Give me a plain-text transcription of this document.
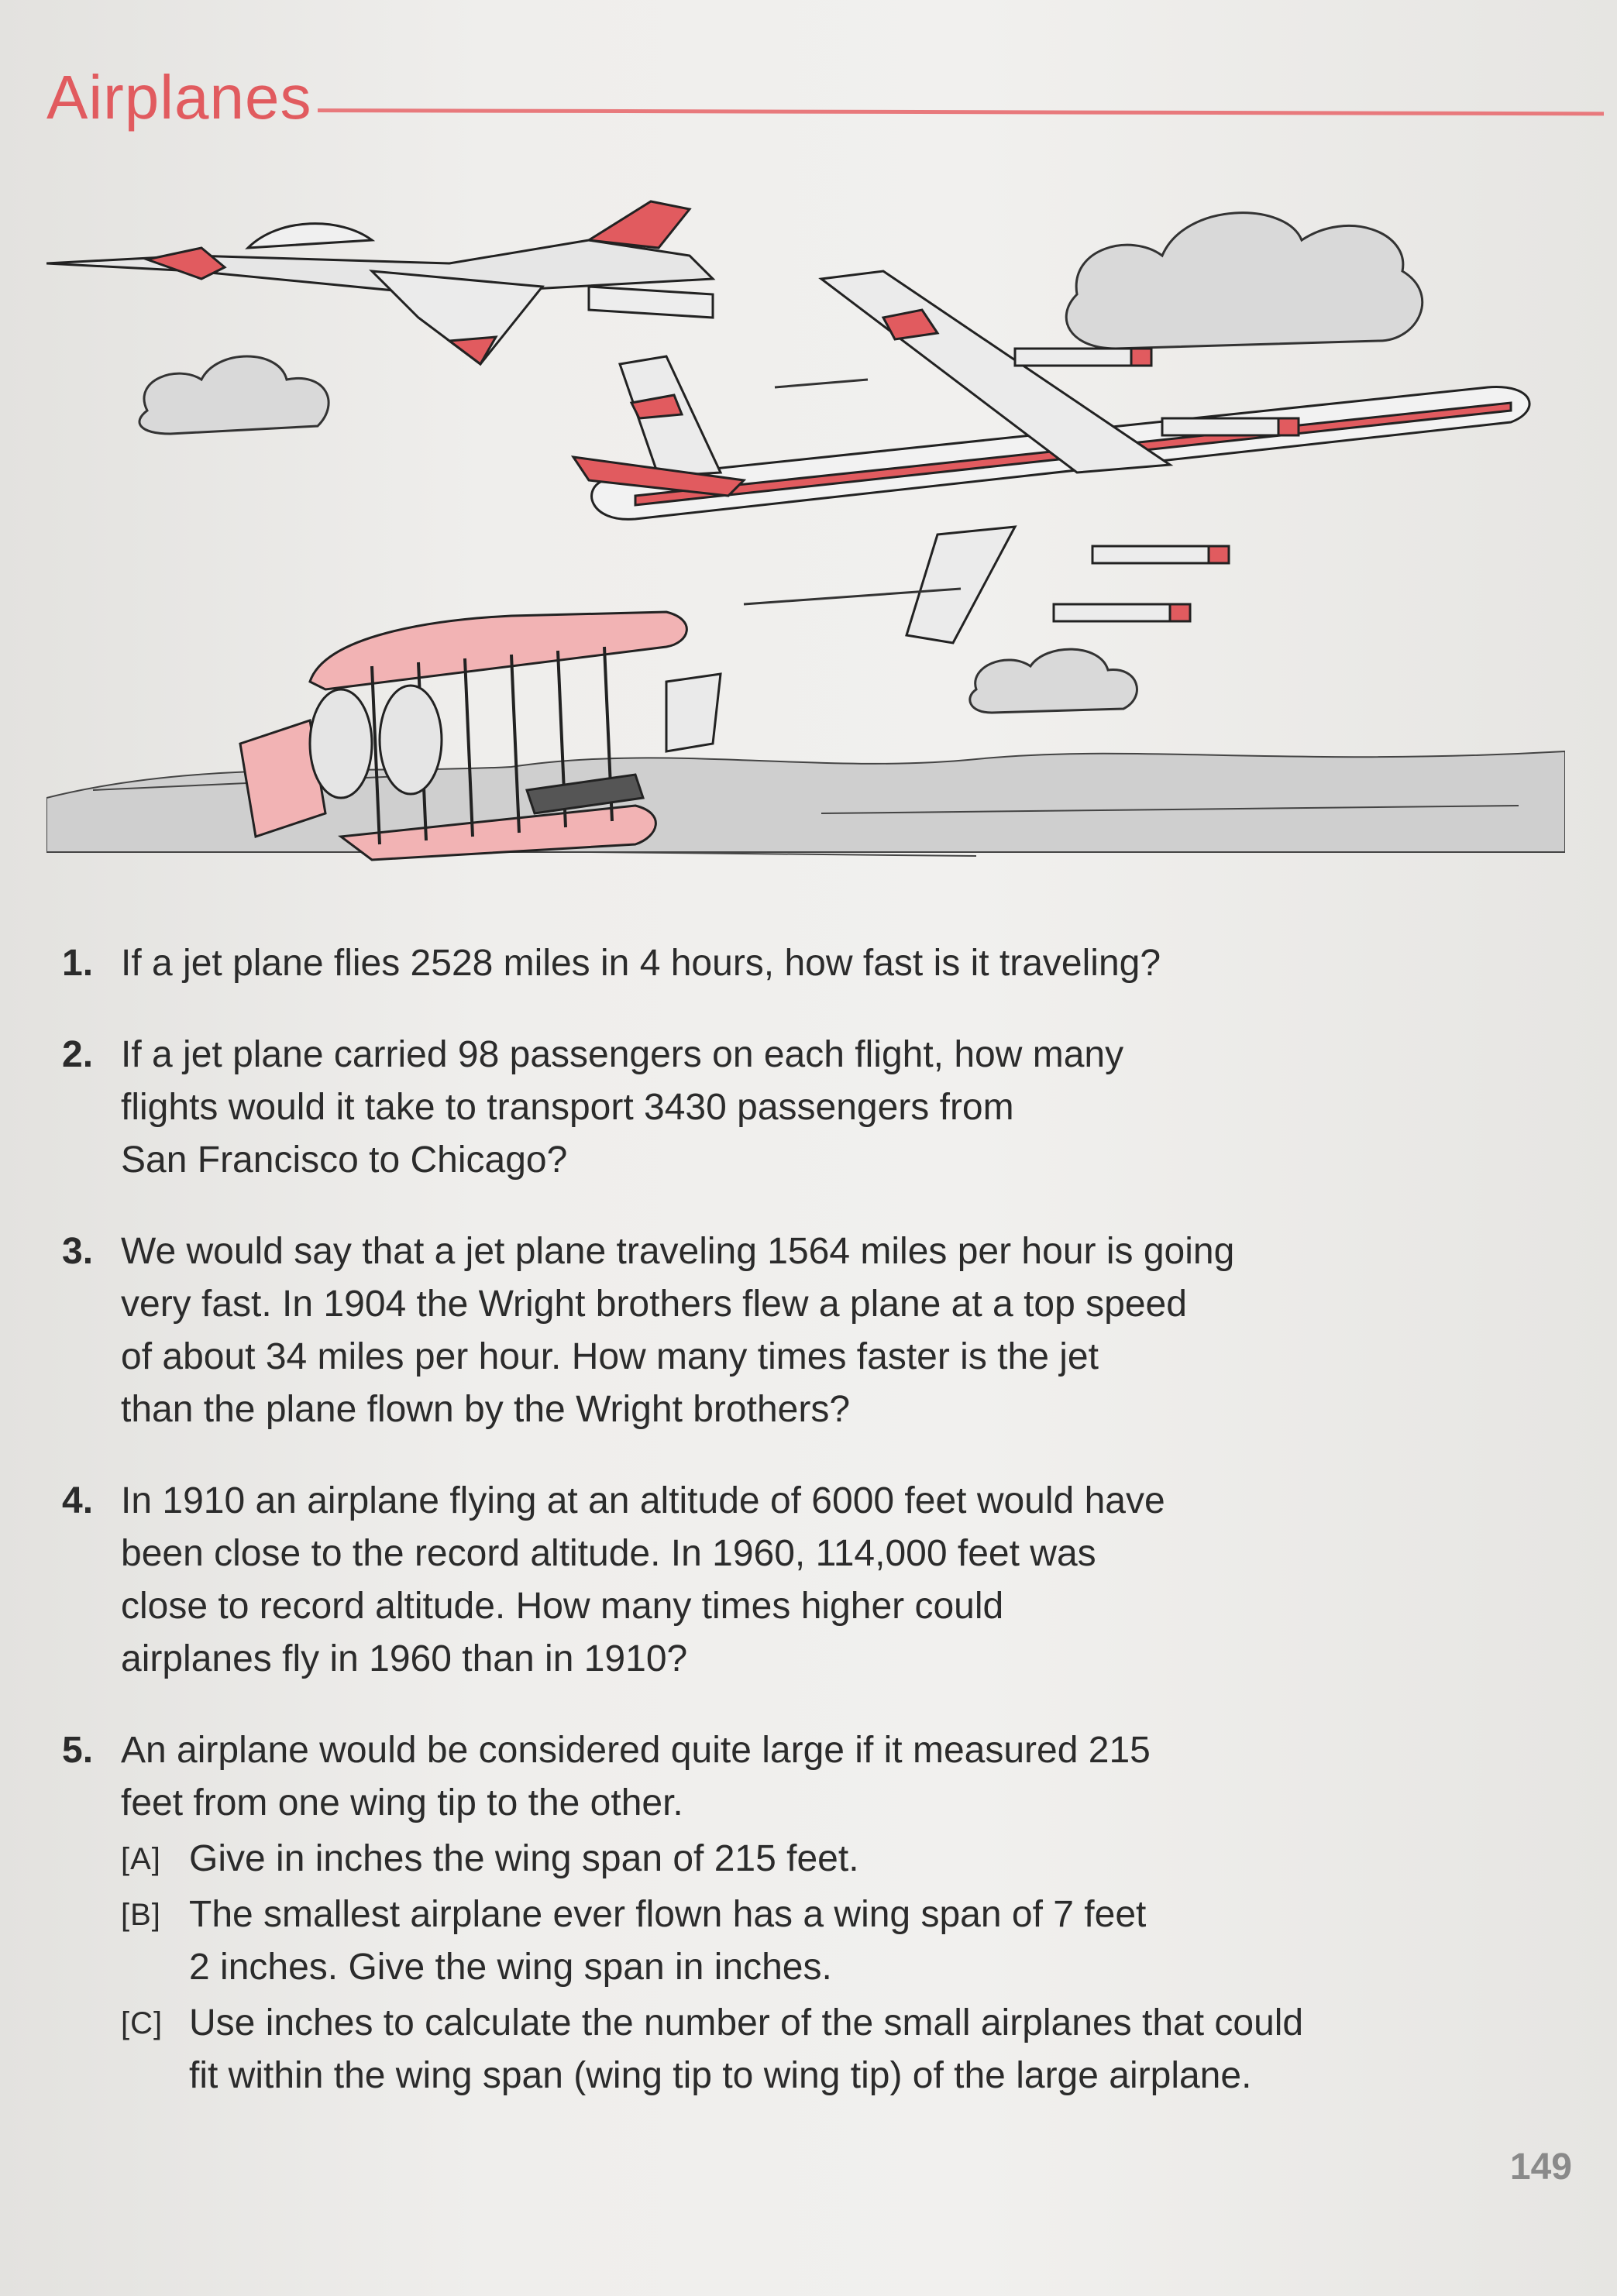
Airplanes
1. If a jet plane flies 2528 miles in 4 hours, how fast is it traveling?
2. If a jet plane carried 98 passengers on each flight, how many
flights would it take to transport 3430 passengers from
San Francisco to Chicago?
3. We would say that a jet plane traveling 1564 miles per hour is going
very fast. In 1904 the Wright brothers flew a plane at a top speed
of about 34 miles per hour. How many times faster is the jet
than the plane flown by the Wright brothers?
4. In 1910 an airplane flying at an altitude of 6000 feet would have
been close to the record altitude. In 1960, 114,000 feet was
close to record altitude. How many times higher could
airplanes fly in 1960 than in 1910?
5. An airplane would be considered quite large if it measured 215
feet from one wing tip to the other.
[A] Give in inches the wing span of 215 feet.
[B] The smallest airplane ever flown has a wing span of 7 feet
2 inches. Give the wing span in inches.
[C] Use inches to calculate the number of the small airplanes that could
fit within the wing span (wing tip to wing tip) of the large airplane.
149
